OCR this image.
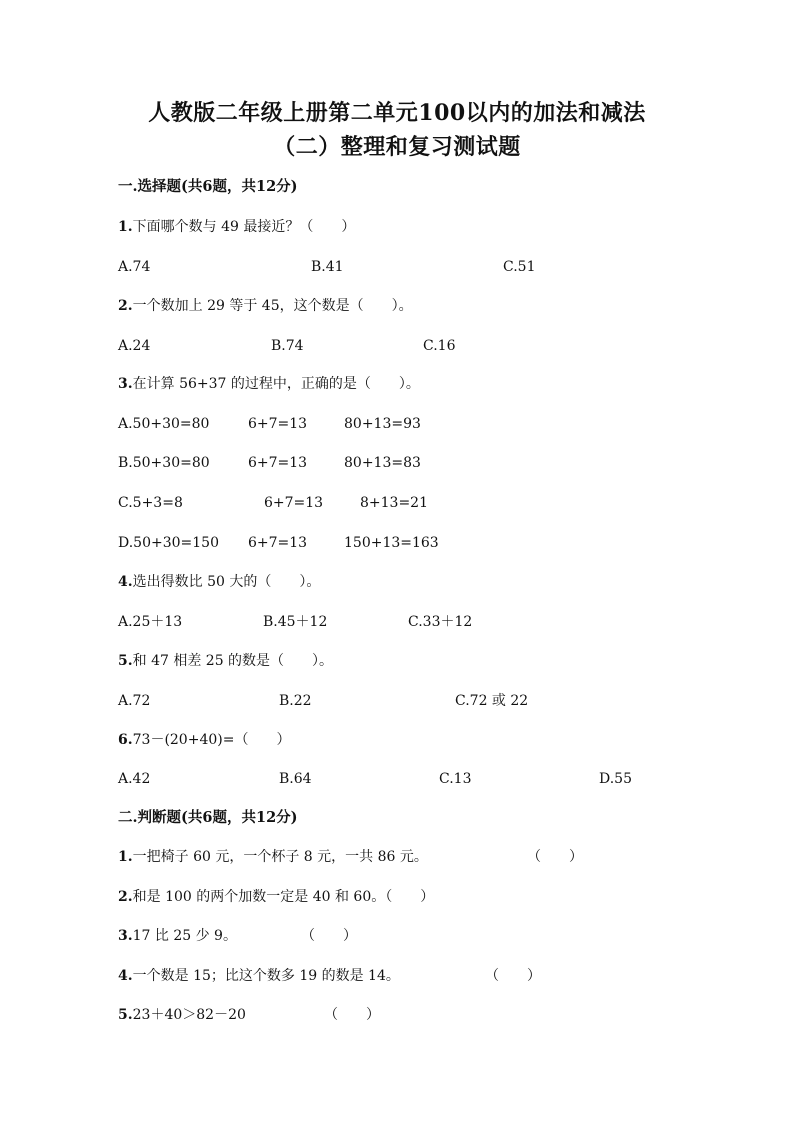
人教版二年级上册第二单元100以内的加法和减法
（二）整理和复习测试题
一.选择题(共6题，共12分)
1.下面哪个数与 49 最接近？（　　）
A.74	B.41	C.51
2.一个数加上 29 等于 45，这个数是（　　）。
A.24	B.74	C.16
3.在计算 56+37 的过程中，正确的是（　　）。
A.50+30=80	6+7=13	80+13=93
B.50+30=80	6+7=13	80+13=83
C.5+3=8	6+7=13	8+13=21
D.50+30=150 6+7=13	150+13=163
4.选出得数比 50 大的（　　）。
A.25＋13	B.45＋12	C.33＋12
5.和 47 相差 25 的数是（　　）。
A.72	B.22	C.72 或 22
6.73－(20+40)=（　　）
A.42	B.64	C.13	D.55
二.判断题(共6题，共12分)
1.一把椅子 60 元，一个杯子 8 元，一共 86 元。	（　　）
2.和是 100 的两个加数一定是 40 和 60。（　　）
3.17 比 25 少 9。	（　　）
4.一个数是 15；比这个数多 19 的数是 14。	（　　）
5.23＋40＞82－20	（　　）
